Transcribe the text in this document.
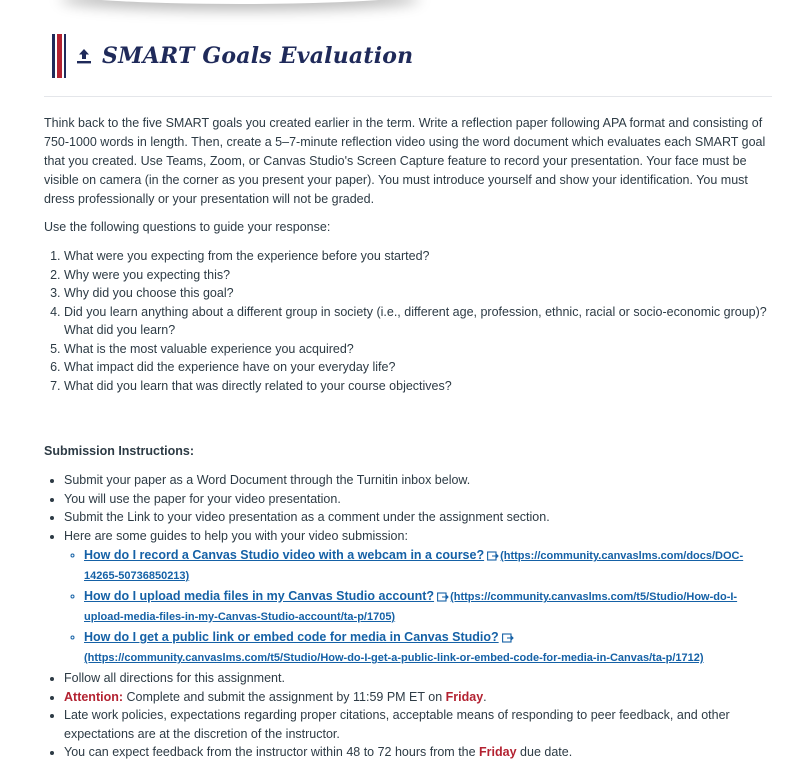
SMART Goals Evaluation

Think back to the five SMART goals you created earlier in the term. Write a reflection paper following APA format and consisting of 750-1000 words in length. Then, create a 5–7-minute reflection video using the word document which evaluates each SMART goal that you created. Use Teams, Zoom, or Canvas Studio's Screen Capture feature to record your presentation. Your face must be visible on camera (in the corner as you present your paper). You must introduce yourself and show your identification. You must dress professionally or your presentation will not be graded.

Use the following questions to guide your response:

1. What were you expecting from the experience before you started?
2. Why were you expecting this?
3. Why did you choose this goal?
4. Did you learn anything about a different group in society (i.e., different age, profession, ethnic, racial or socio-economic group)? What did you learn?
5. What is the most valuable experience you acquired?
6. What impact did the experience have on your everyday life?
7. What did you learn that was directly related to your course objectives?

Submission Instructions:

• Submit your paper as a Word Document through the Turnitin inbox below.
• You will use the paper for your video presentation.
• Submit the Link to your video presentation as a comment under the assignment section.
• Here are some guides to help you with your video submission:
◦ How do I record a Canvas Studio video with a webcam in a course? (https://community.canvaslms.com/docs/DOC-14265-50736850213)
◦ How do I upload media files in my Canvas Studio account? (https://community.canvaslms.com/t5/Studio/How-do-I-upload-media-files-in-my-Canvas-Studio-account/ta-p/1705)
◦ How do I get a public link or embed code for media in Canvas Studio?
(https://community.canvaslms.com/t5/Studio/How-do-I-get-a-public-link-or-embed-code-for-media-in-Canvas/ta-p/1712)
• Follow all directions for this assignment.
• Attention: Complete and submit the assignment by 11:59 PM ET on Friday.
• Late work policies, expectations regarding proper citations, acceptable means of responding to peer feedback, and other expectations are at the discretion of the instructor.
• You can expect feedback from the instructor within 48 to 72 hours from the Friday due date.
